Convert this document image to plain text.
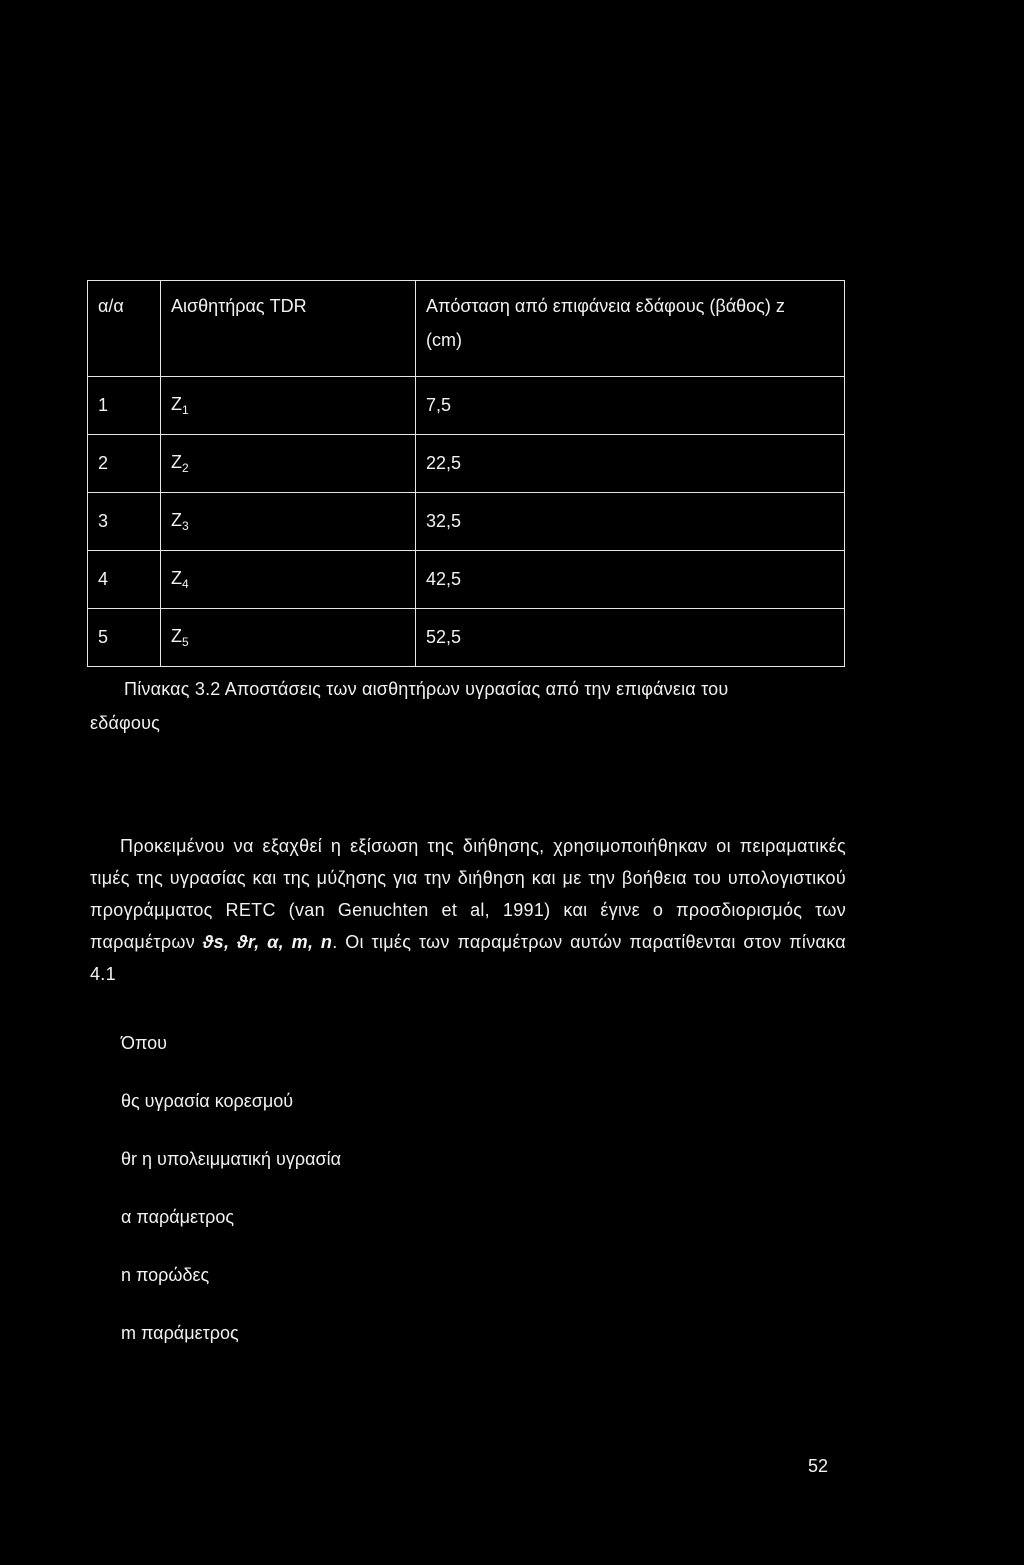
α/α	Αισθητήρας TDR	Απόσταση από επιφάνεια εδάφους (βάθος) z
(cm)
1	$Z_1$	7,5
2	$Z_2$	22,5
3	$Z_3$	32,5
4	$Z_4$	42,5
5	$Z_5$	52,5
Πίνακας 3.2 Αποστάσεις των αισθητήρων υγρασίας από την επιφάνεια του
εδάφους

Προκειμένου να εξαχθεί η εξίσωση της διήθησης, χρησιμοποιήθηκαν οι πειραματικές τιμές της υγρασίας και της μύζησης για την διήθηση και με την βοήθεια του υπολογιστικού προγράμματος RETC (van Genuchten et al, 1991) και έγινε ο προσδιορισμός των παραμέτρων ϑs, ϑr, α, m, n. Οι τιμές των παραμέτρων αυτών παρατίθενται στον πίνακα 4.1

Όπου
θς υγρασία κορεσμού
θr η υπολειμματική υγρασία
α παράμετρος
n πορώδες
m παράμετρος
52
